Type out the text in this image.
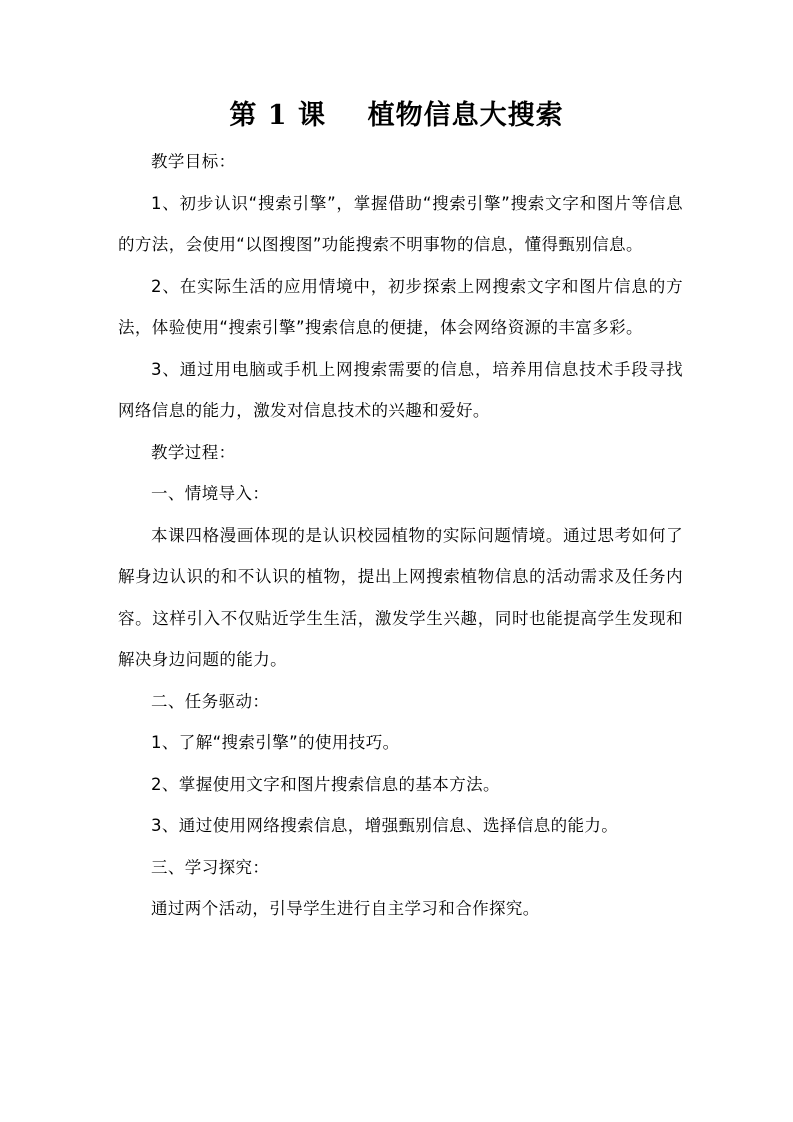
第 1 课    植物信息大搜索

教学目标：

1、初步认识“搜索引擎”，掌握借助“搜索引擎”搜索文字和图片等信息的方法，会使用“以图搜图”功能搜索不明事物的信息，懂得甄别信息。

2、在实际生活的应用情境中，初步探索上网搜索文字和图片信息的方法，体验使用“搜索引擎”搜索信息的便捷，体会网络资源的丰富多彩。

3、通过用电脑或手机上网搜索需要的信息，培养用信息技术手段寻找网络信息的能力，激发对信息技术的兴趣和爱好。

教学过程：

一、情境导入：

本课四格漫画体现的是认识校园植物的实际问题情境。通过思考如何了解身边认识的和不认识的植物，提出上网搜索植物信息的活动需求及任务内容。这样引入不仅贴近学生生活，激发学生兴趣，同时也能提高学生发现和解决身边问题的能力。

二、任务驱动：

1、了解“搜索引擎”的使用技巧。

2、掌握使用文字和图片搜索信息的基本方法。

3、通过使用网络搜索信息，增强甄别信息、选择信息的能力。

三、学习探究：

通过两个活动，引导学生进行自主学习和合作探究。
